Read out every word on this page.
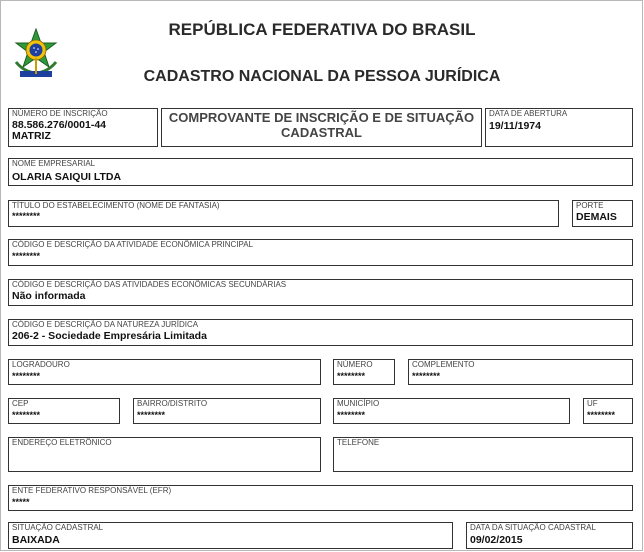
REPÚBLICA FEDERATIVA DO BRASIL
CADASTRO NACIONAL DA PESSOA JURÍDICA
NÚMERO DE INSCRIÇÃO
88.586.276/0001-44
MATRIZ
COMPROVANTE DE INSCRIÇÃO E DE SITUAÇÃO
CADASTRAL
DATA DE ABERTURA
19/11/1974
NOME EMPRESARIAL
OLARIA SAIQUI LTDA
TÍTULO DO ESTABELECIMENTO (NOME DE FANTASIA)
********
PORTE
DEMAIS
CÓDIGO E DESCRIÇÃO DA ATIVIDADE ECONÔMICA PRINCIPAL
********
CÓDIGO E DESCRIÇÃO DAS ATIVIDADES ECONÔMICAS SECUNDÁRIAS
Não informada
CÓDIGO E DESCRIÇÃO DA NATUREZA JURÍDICA
206-2 - Sociedade Empresária Limitada
LOGRADOURO
********
NÚMERO
********
COMPLEMENTO
********
CEP
********
BAIRRO/DISTRITO
********
MUNICÍPIO
********
UF
********
ENDEREÇO ELETRÔNICO	TELEFONE
ENTE FEDERATIVO RESPONSÁVEL (EFR)
*****
SITUAÇÃO CADASTRAL
BAIXADA
DATA DA SITUAÇÃO CADASTRAL
09/02/2015
